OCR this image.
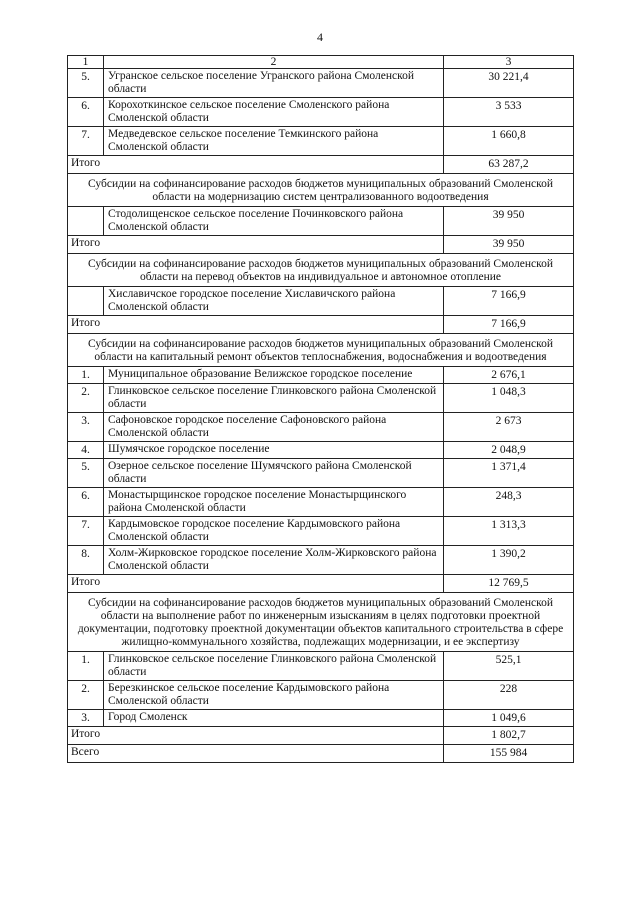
4
1	2	3
5.	Угранское сельское поселение Угранского района Смоленской области	30 221,4
6.	Корохоткинское сельское поселение Смоленского района Смоленской области	3 533
7.	Медведевское сельское поселение Темкинского района Смоленской области	1 660,8
Итого		63 287,2
Субсидии на софинансирование расходов бюджетов муниципальных образований Смоленской области на модернизацию систем централизованного водоотведения		
	Стодолищенское сельское поселение Починковского района Смоленской области	39 950
Итого		39 950
Субсидии на софинансирование расходов бюджетов муниципальных образований Смоленской области на перевод объектов на индивидуальное и автономное отопление		
	Хиславичское городское поселение Хиславичского района Смоленской области	7 166,9
Итого		7 166,9
Субсидии на софинансирование расходов бюджетов муниципальных образований Смоленской области на капитальный ремонт объектов теплоснабжения, водоснабжения и водоотведения		
1.	Муниципальное образование Велижское городское поселение	2 676,1
2.	Глинковское сельское поселение Глинковского района Смоленской области	1 048,3
3.	Сафоновское городское поселение Сафоновского района Смоленской области	2 673
4.	Шумячское городское поселение	2 048,9
5.	Озерное сельское поселение Шумячского района Смоленской области	1 371,4
6.	Монастырщинское городское поселение Монастырщинского района Смоленской области	248,3
7.	Кардымовское городское поселение Кардымовского района Смоленской области	1 313,3
8.	Холм-Жирковское городское поселение Холм-Жирковского района Смоленской области	1 390,2
Итого		12 769,5
Субсидии на софинансирование расходов бюджетов муниципальных образований Смоленской области на выполнение работ по инженерным изысканиям в целях подготовки проектной документации, подготовку проектной документации объектов капитального строительства в сфере жилищно-коммунального хозяйства, подлежащих модернизации, и ее экспертизу		
1.	Глинковское сельское поселение Глинковского района Смоленской области	525,1
2.	Березкинское сельское поселение Кардымовского района Смоленской области	228
3.	Город Смоленск	1 049,6
Итого		1 802,7
Всего		155 984
